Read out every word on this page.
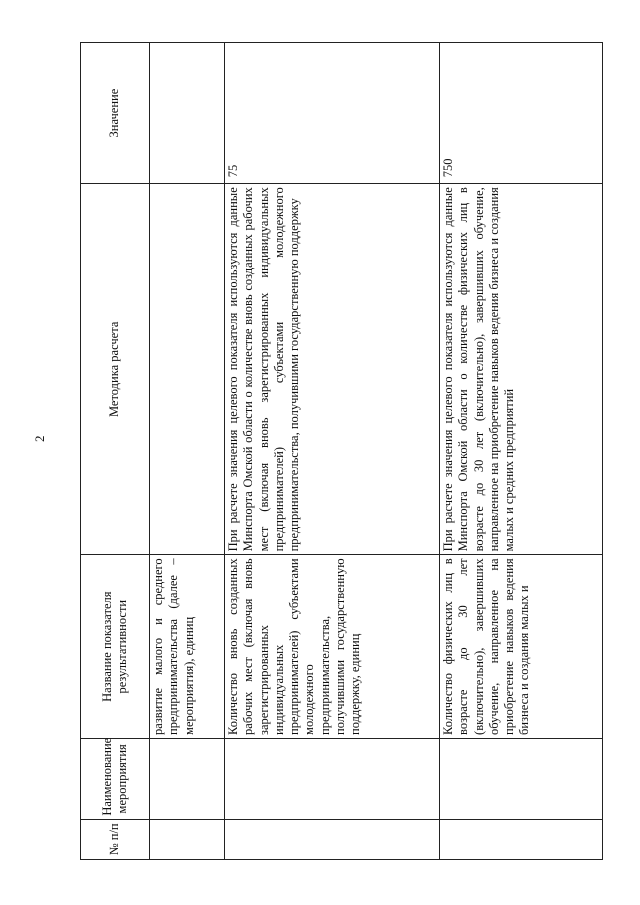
2
№ п/п	Наименование мероприятия	Название показателя результативности	Методика расчета	Значение
		развитие малого и среднего предпринимательства (далее – мероприятия), единиц		
		Количество вновь созданных рабочих мест (включая вновь зарегистрированных индивидуальных предпринимателей) субъектами молодежного предпринимательства, получившими государственную поддержку, единиц	При расчете значения целевого показателя используются данные Минспорта Омской области о количестве вновь созданных рабочих мест (включая вновь зарегистрированных индивидуальных предпринимателей) субъектами молодежного предпринимательства, получившими государственную поддержку	75
		Количество физических лиц в возрасте до 30 лет (включительно), завершивших обучение, направленное на приобретение навыков ведения бизнеса и создания малых и	При расчете значения целевого показателя используются данные Минспорта Омской области о количестве физических лиц в возрасте до 30 лет (включительно), завершивших обучение, направленное на приобретение навыков ведения бизнеса и создания малых и средних предприятий	750
